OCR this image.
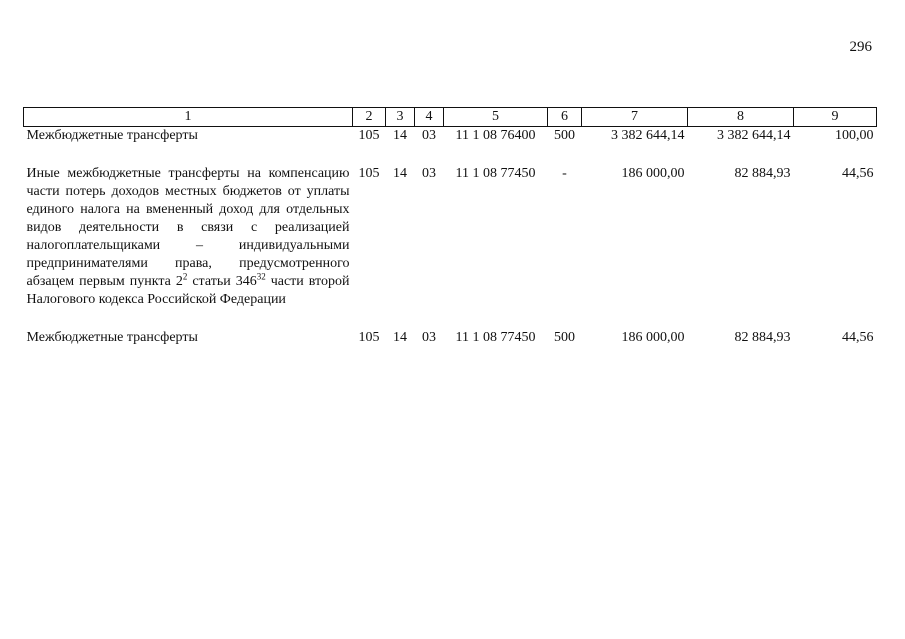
296
1	2	3	4	5	6	7	8	9
Межбюджетные трансферты	105	14	03	11 1 08 76400	500	3 382 644,14	3 382 644,14	100,00

Иные межбюджетные трансферты на компенсацию части потерь доходов местных бюджетов от уплаты единого налога на вмененный доход для отдельных видов деятельности в связи с реализацией налогоплательщиками – индивидуальными предпринимателями права, предусмотренного абзацем первым пункта $2^2$ статьи $346^{32}$ части второй Налогового кодекса Российской Федерации	105	14	03	11 1 08 77450	-	186 000,00	82 884,93	44,56

Межбюджетные трансферты	105	14	03	11 1 08 77450	500	186 000,00	82 884,93	44,56
